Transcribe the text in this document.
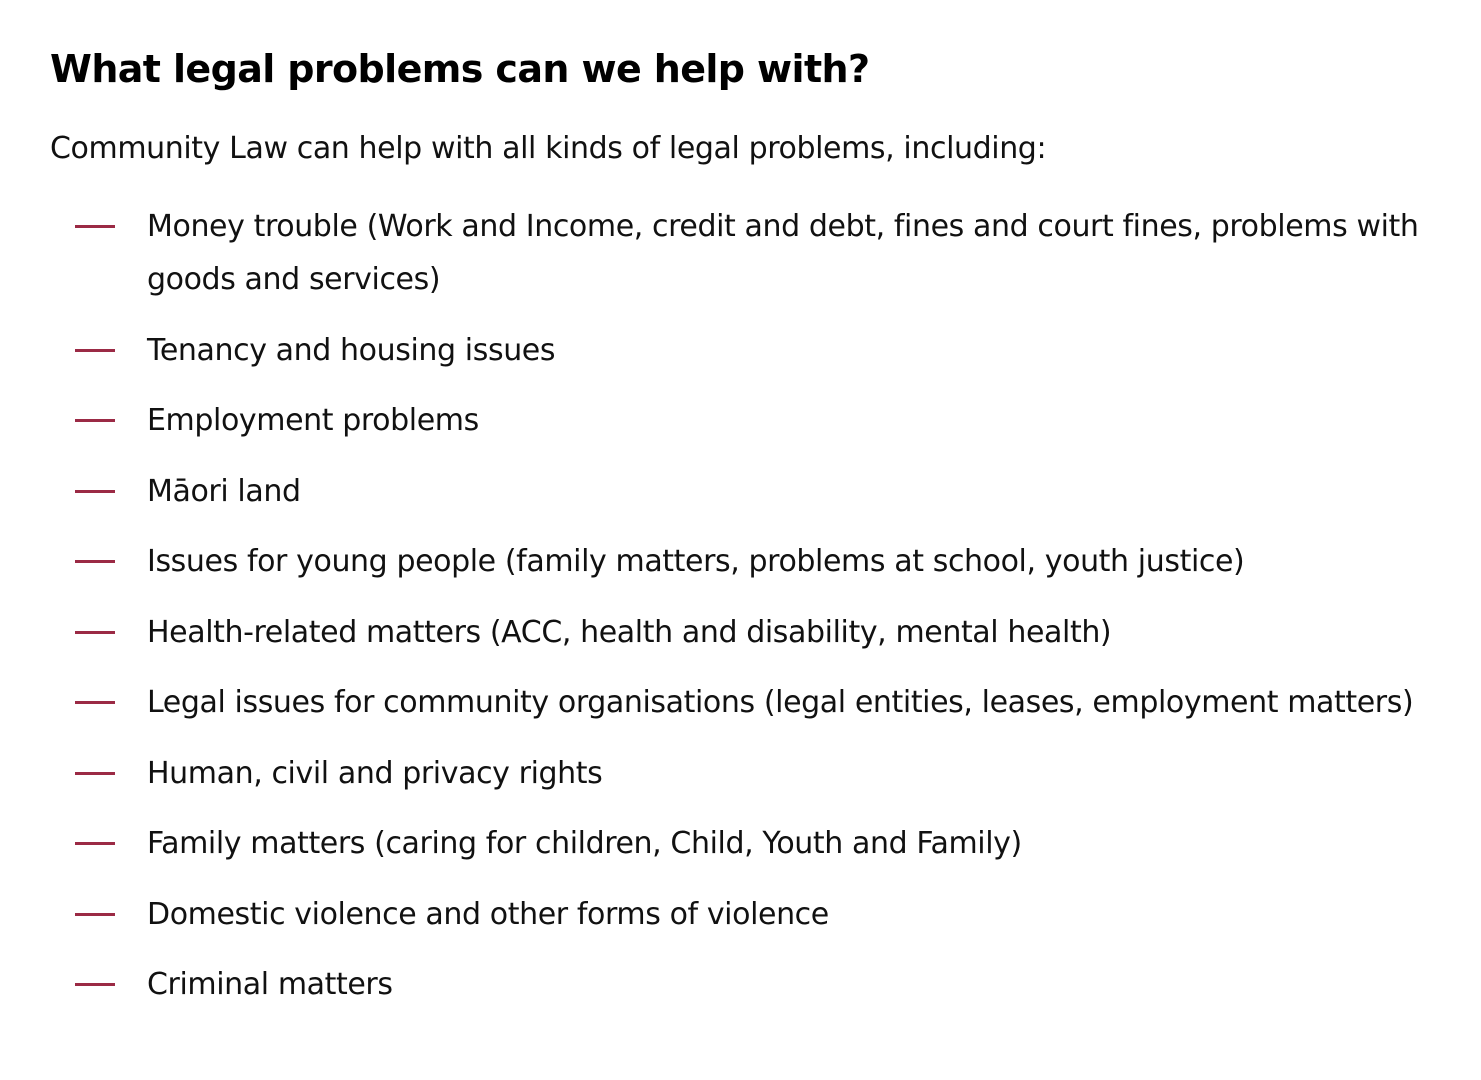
What legal problems can we help with?

Community Law can help with all kinds of legal problems, including:

Money trouble (Work and Income, credit and debt, fines and court fines, problems with goods and services)
Tenancy and housing issues
Employment problems
Māori land
Issues for young people (family matters, problems at school, youth justice)
Health-related matters (ACC, health and disability, mental health)
Legal issues for community organisations (legal entities, leases, employment matters)
Human, civil and privacy rights
Family matters (caring for children, Child, Youth and Family)
Domestic violence and other forms of violence
Criminal matters
